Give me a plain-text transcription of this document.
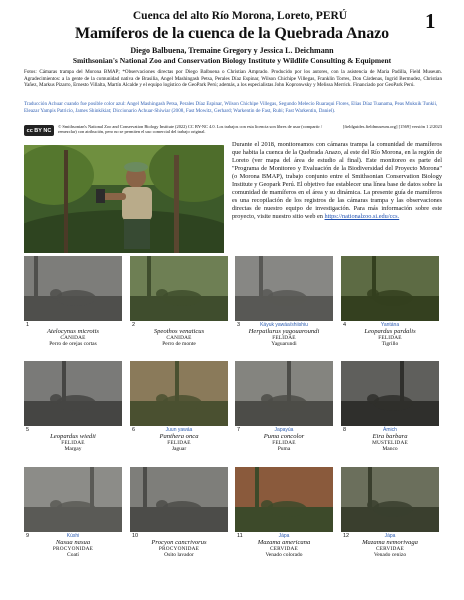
Cuenca del alto Río Morona, Loreto, PERÚ	1
Mamíferos de la cuenca de la Quebrada Anazo
Diego Balbuena, Tremaine Gregory y Jessica L. Deichmann
Smithsonian's National Zoo and Conservation Biology Institute y Wildlife Consulting & Equipment
Fotos: Cámaras trampa del Morona BMAP; *Observaciones directas por Diego Balbuena o Christian Amprado. Producido por los autores, con la asistencia de Maria Padilla, Field Museum. Agradecimientos: a la gente de la comunidad nativa de Brasilia, Angel Mashingash Petsa, Perales Díaz Espinar, Wilson Chichipe Villegas, Franklin Torres, Don Cárdenas, Ingrid Bermudez, Christian Yañez, Markus Pizarro, Ernesto Villalta, Martín Alcalde y el equipo logístico de GeoPark Perú; además, a los especialistas John Kopronwsky y Melissa Merrick. Financiado por GeoPark Perú.
Traducción Achuar cuando fue posible color azul: Angel Mashingash Petsa, Perales Díaz Espinar, Wilson Chichipe Villegas, Segundo Melecio Ruaraqui Flores, Elias Díaz Tuanama, Peas Mukuik Tunkii, Eleazar Yampis Patricio, James Shinkikiat; Diccionario Achuar-Shiwiar (2008, Fast Mowitz, Gerhard; Warkentin de Fast, Rubi; Fast Warkentin, Daniel).
cc BY NC
© Smithsonian's National Zoo and Conservation Biology Institute (2022) CC BY-NC 4.0. Los trabajos con esta licencia son libres de usar (compartir / remezclar) con atribución, pero no se permiten el uso comercial del trabajo original.
[fieldguides.fieldmuseum.org] [1569] versión 1 2/2023
Durante el 2018, monitoreamos con cámaras trampa la comunidad de mamíferos que habita la cuenca de la Quebrada Anazo, al este del Río Morona, en la región de Loreto (ver mapa del área de estudio al final). Este monitoreo es parte del "Programa de Monitoreo y Evaluación de la Biodiversidad del Proyecto Morona" (o Morona BMAP), trabajo conjunto entre el Smithsonian Conservation Biology Institute y Geopark Perú. El objetivo fue establecer una línea base de datos sobre la comunidad de mamíferos en el área y su dinámica. La presente guía de mamíferos es una recopilación de los registros de las cámaras trampa y las observaciones directas de nuestro equipo de investigación. Para más información sobre este proyecto, visite nuestro sitio web en https://nationalzoo.si.edu/ccs.
1
Atelocynus microtis
CANIDAE
Perro de orejas cortas
2
Speothos venaticus
CANIDAE
Perro de monte
3	Káyuk yawáa/shiishiu
Herpailurus yagouaroundi
FELIDAE
Yaguarundi
4	Yantána
Leopardus pardalis
FELIDAE
Tigrillo
5
Leopardus wiedii
FELIDAE
Margay
6	Juun yawáa
Panthera onca
FELIDAE
Jaguar
7	Japayúa
Puma concolor
FELIDAE
Puma
8	Ámich
Eira barbara
MUSTELIDAE
Manco
9	Kúshi
Nasua nasua
PROCYONIDAE
Coatí
10
Procyon cancrivorus
PROCYONIDAE
Osito lavador
11	Jápa
Mazama americana
CERVIDAE
Venado colorado
12	Jápa
Mazama nemorivaga
CERVIDAE
Venado cenizo
